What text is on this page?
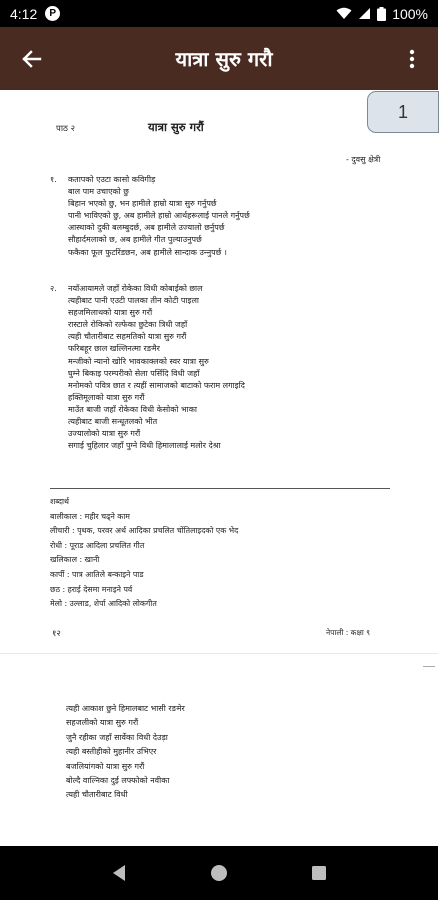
4:12	P	100%
यात्रा सुरु गरौ
1
पाठ २	यात्रा सुरु गरौं
- दुवसु क्षेत्री
१. कतापको एउटा कासो कविगीड़
बाल पाम उचाएको छु
बिहान भएको छु, भन हामीले हाम्रो यात्रा सुरु गर्नुपर्छ
पानी भाविएको छु, अब हामीले हाम्रो आर्थहरूलाई पानले गर्नुपर्छ
आस्थाको दुकी बलम्बुदर्छ, अब हामीले उज्यालो छर्नुपर्छ
सौहार्दमलाको छ, अब हामीले गीत पुल्याउनुपर्छ
फकैका फूल फुटरिंडछन, अब हामीले सान्दाक उन्‍नुपर्छ ।
२. नयाँआयामले जहाँ रोकेका विधी कोबाईको छाल
त्यहीबाट पानी एउटी पालका तीन कोटी पाइला
सहजमिलाथको यात्रा सुरु गरौं
रास्टाले रोकिको रल्फेका छुटेका त्रिधी जहाँ
त्यही चौतारीबाट सहमतिको यात्रा सुरु गरौं
फरिबहूर छाल खल्लिनत्मा रङमैर
मन्जीको न्यानो खोरि भावकाक्लको स्वर यात्रा सुरु
घुम्ने बिकाइ परम्परीको सेला पर्सिदि विधी जहाँ
मनोमको पवित्र छात र त्यहीं सामाजको बाटाको फराम लगाइदि
हक्तिमूलाको यात्रा सुरु गरौं
माउँत बाजी जहाँ रोकेका विधी केसोको भाका
त्यहीबाट बाजी सन्धूतलको भीत
उज्यालोको यात्रा सुरु गरौं
सगाई चुहिलार जहाँ पुग्ने विधी हिमालालाई मलोर देश्रा
शब्दार्थ
बालीकाल : महीर चढ्ने काम
लीचारी : पृथक, परवर अर्थ आदिका प्रचलित चोंतिलाइदको एक भेद
रोधी : पूराड आदिला प्रचलित गीत
खलिकाल : खानी
कार्पी : पात्र आतिले बन्काइने पाड
छठ : हराई देसमा मनाइने पर्व
मेलो : उल्लाड, शेर्पा आदिको लोकगीत
१२	नेपाली : कक्षा ९
त्यही आकाश छुने हिमालबाट भासी रङमेर
सहजलीको यात्रा सुरु गरौं
जुनै रहीका जहाँ सार्वेका विधी देउड़ा
त्यही बस्तीहीको मुहानीर उभिएर
बजलियांगको यात्रा सुरु गरौं
बोल्दै वाल्निका दुई लफ्फोको नवीका
त्यही चौतारीबाट विधी
